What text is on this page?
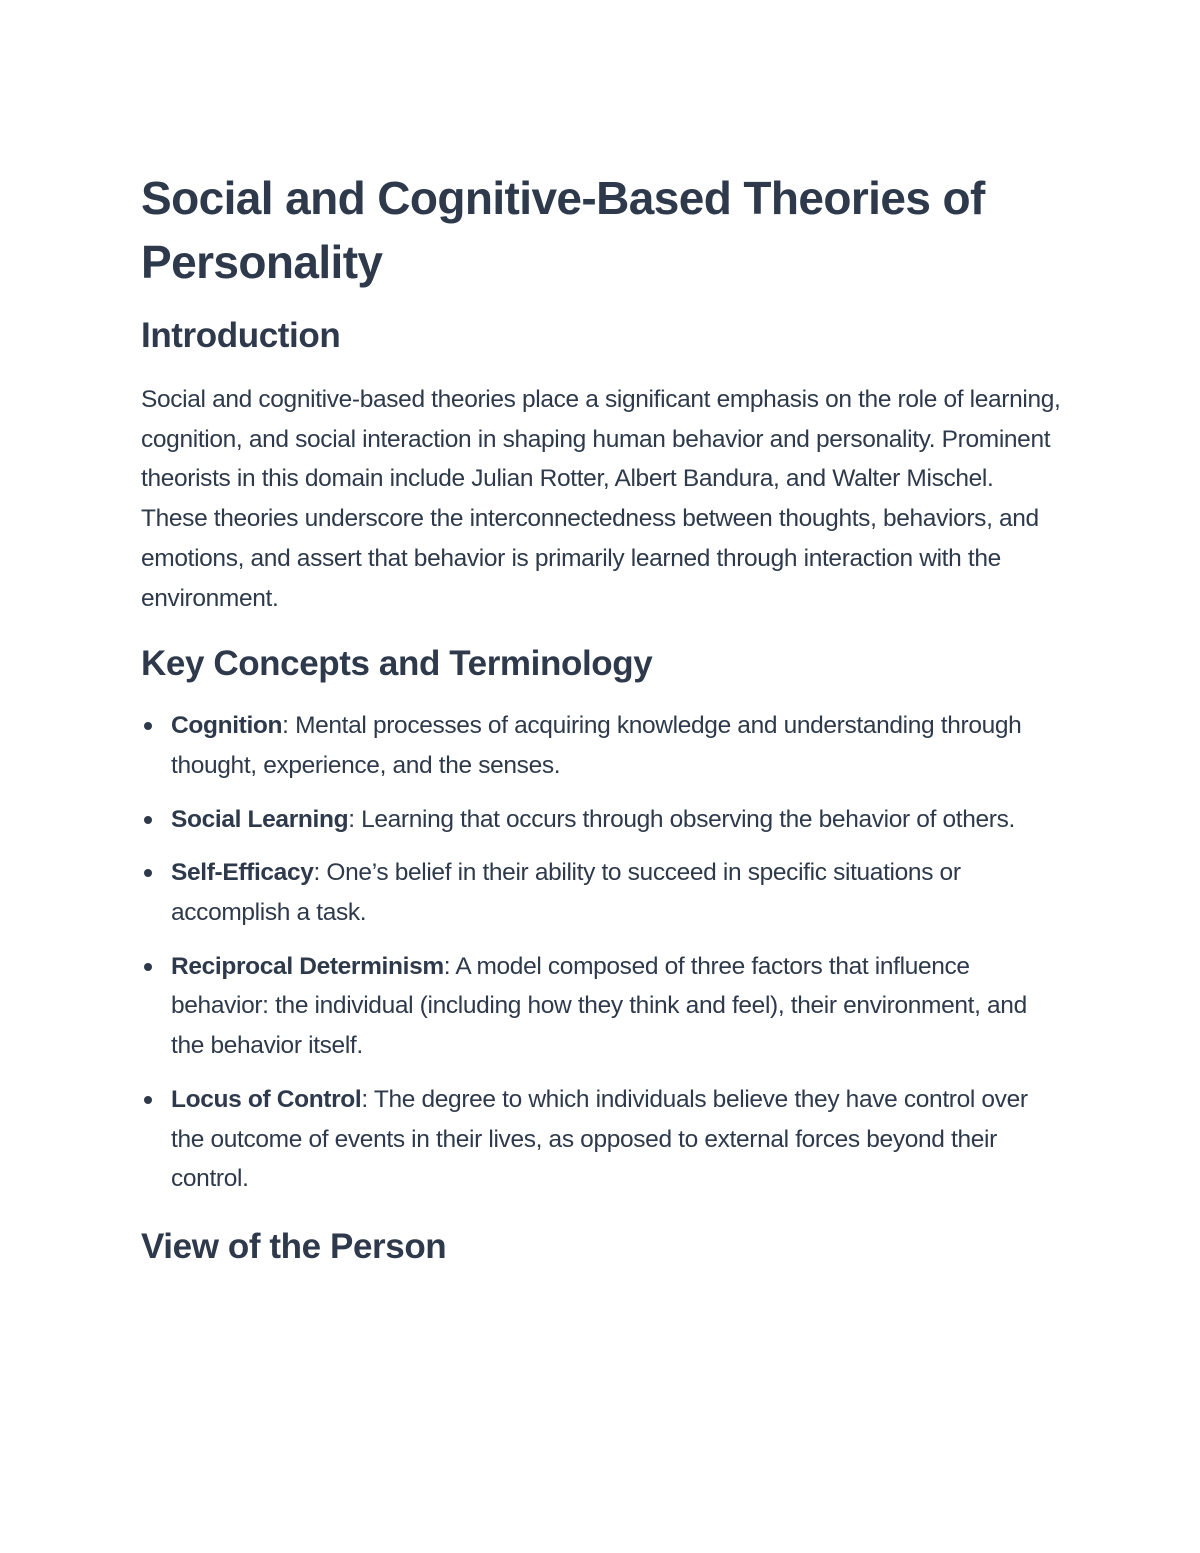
Social and Cognitive-Based Theories of Personality
Introduction

Social and cognitive-based theories place a significant emphasis on the role of learning, cognition, and social interaction in shaping human behavior and personality. Prominent theorists in this domain include Julian Rotter, Albert Bandura, and Walter Mischel. These theories underscore the interconnectedness between thoughts, behaviors, and emotions, and assert that behavior is primarily learned through interaction with the environment.

Key Concepts and Terminology
Cognition: Mental processes of acquiring knowledge and understanding through thought, experience, and the senses.
Social Learning: Learning that occurs through observing the behavior of others.
Self-Efficacy: One’s belief in their ability to succeed in specific situations or accomplish a task.
Reciprocal Determinism: A model composed of three factors that influence behavior: the individual (including how they think and feel), their environment, and the behavior itself.
Locus of Control: The degree to which individuals believe they have control over the outcome of events in their lives, as opposed to external forces beyond their control.
View of the Person
